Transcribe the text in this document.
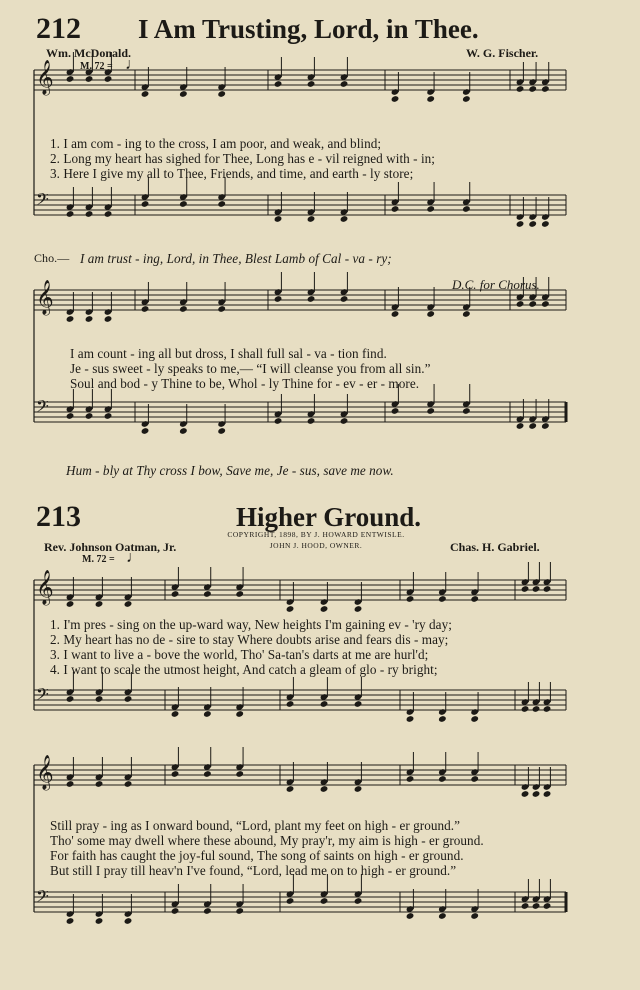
𝄞
𝄢
𝄞
𝄢
𝄞
𝄢
𝄞
𝄢
212 I Am Trusting, Lord, in Thee.
Wm. McDonald.	W. G. Fischer.
M. 72 = ♩
1. I am com - ing to the cross, I am poor, and weak, and blind;
2. Long my heart has sighed for Thee, Long has e - vil reigned with - in;
3. Here I give my all to Thee, Friends, and time, and earth - ly store;
Cho.— I am trust - ing, Lord, in Thee, Blest Lamb of Cal - va - ry;
D.C. for Chorus.
I am count - ing all but dross, I shall full sal - va - tion find.
Je - sus sweet - ly speaks to me,— “I will cleanse you from all sin.”
Soul and bod - y Thine to be, Whol - ly Thine for - ev - er - more.
Hum - bly at Thy cross I bow, Save me, Je - sus, save me now.
213	Higher Ground.
COPYRIGHT, 1898, BY J. HOWARD ENTWISLE.
JOHN J. HOOD, OWNER.
Rev. Johnson Oatman, Jr.	Chas. H. Gabriel.
M. 72 = ♩
1. I'm pres - sing on the up-ward way, New heights I'm gaining ev - 'ry day;
2. My heart has no de - sire to stay Where doubts arise and fears dis - may;
3. I want to live a - bove the world, Tho' Sa-tan's darts at me are hurl'd;
4. I want to scale the utmost height, And catch a gleam of glo - ry bright;
Still pray - ing as I onward bound, “Lord, plant my feet on high - er ground.”
Tho' some may dwell where these abound, My pray'r, my aim is high - er ground.
For faith has caught the joy-ful sound, The song of saints on high - er ground.
But still I pray till heav'n I've found, “Lord, lead me on to high - er ground.”
